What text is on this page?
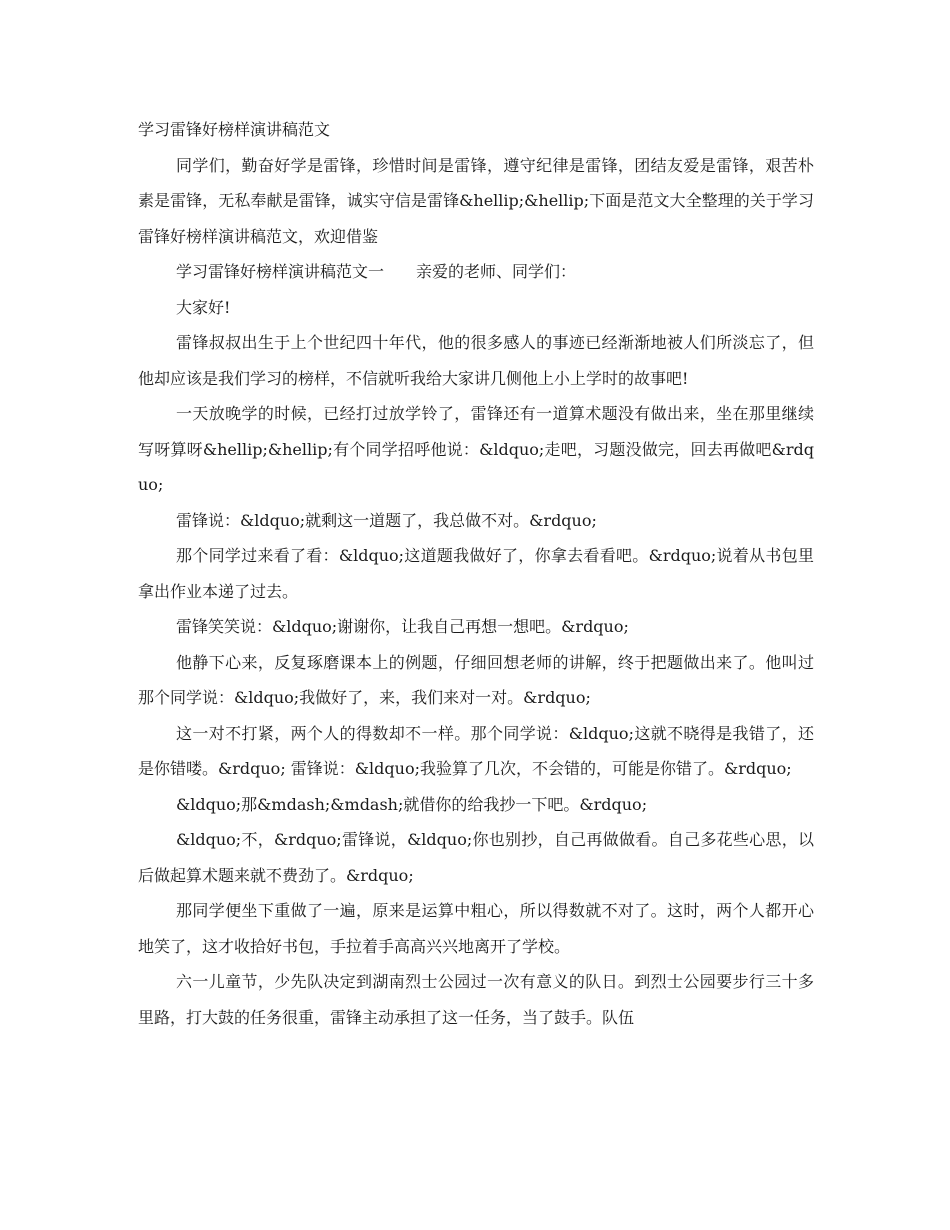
学习雷锋好榜样演讲稿范文

同学们，勤奋好学是雷锋，珍惜时间是雷锋，遵守纪律是雷锋，团结友爱是雷锋，艰苦朴素是雷锋，无私奉献是雷锋，诚实守信是雷锋&hellip;&hellip;下面是范文大全整理的关于学习雷锋好榜样演讲稿范文，欢迎借鉴

学习雷锋好榜样演讲稿范文一　　亲爱的老师、同学们：

大家好!

雷锋叔叔出生于上个世纪四十年代，他的很多感人的事迹已经渐渐地被人们所淡忘了，但他却应该是我们学习的榜样，不信就听我给大家讲几侧他上小上学时的故事吧!

一天放晚学的时候，已经打过放学铃了，雷锋还有一道算术题没有做出来，坐在那里继续写呀算呀&hellip;&hellip;有个同学招呼他说：&ldquo;走吧，习题没做完，回去再做吧&rdquo;

雷锋说：&ldquo;就剩这一道题了，我总做不对。&rdquo;

那个同学过来看了看：&ldquo;这道题我做好了，你拿去看看吧。&rdquo;说着从书包里拿出作业本递了过去。

雷锋笑笑说：&ldquo;谢谢你，让我自己再想一想吧。&rdquo;

他静下心来，反复琢磨课本上的例题，仔细回想老师的讲解，终于把题做出来了。他叫过那个同学说：&ldquo;我做好了，来，我们来对一对。&rdquo;

这一对不打紧，两个人的得数却不一样。那个同学说：&ldquo;这就不晓得是我错了，还是你错喽。&rdquo; 雷锋说：&ldquo;我验算了几次，不会错的，可能是你错了。&rdquo;

&ldquo;那&mdash;&mdash;就借你的给我抄一下吧。&rdquo;

&ldquo;不，&rdquo;雷锋说，&ldquo;你也别抄，自己再做做看。自己多花些心思，以后做起算术题来就不费劲了。&rdquo;

那同学便坐下重做了一遍，原来是运算中粗心，所以得数就不对了。这时，两个人都开心地笑了，这才收拾好书包，手拉着手高高兴兴地离开了学校。

六一儿童节，少先队决定到湖南烈士公园过一次有意义的队日。到烈士公园要步行三十多里路，打大鼓的任务很重，雷锋主动承担了这一任务，当了鼓手。队伍
